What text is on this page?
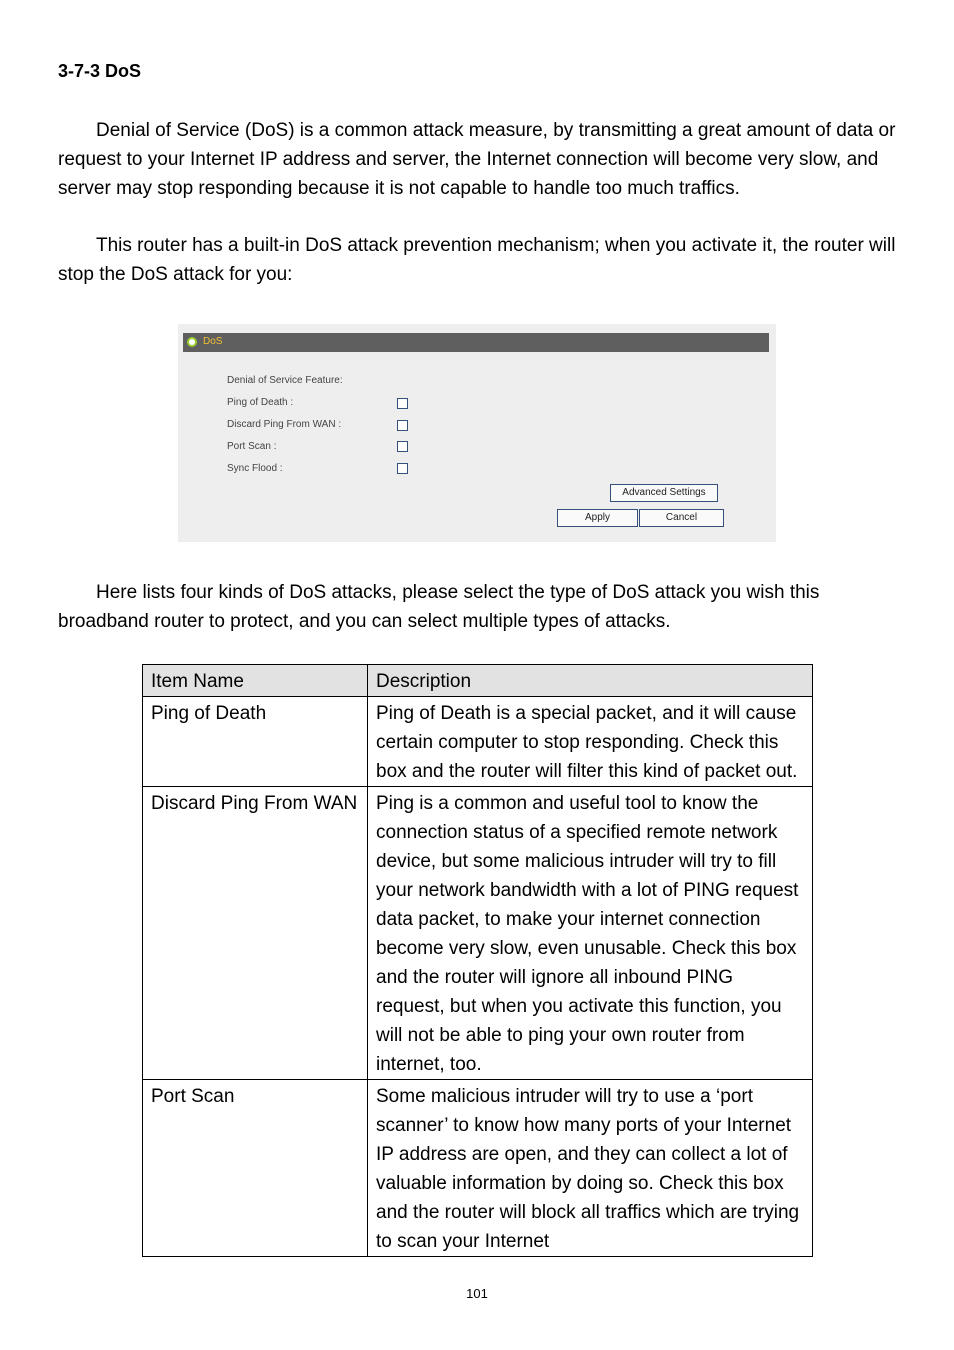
3-7-3 DoS

Denial of Service (DoS) is a common attack measure, by transmitting a great amount of data or request to your Internet IP address and server, the Internet connection will become very slow, and server may stop responding because it is not capable to handle too much traffics.

This router has a built-in DoS attack prevention mechanism; when you activate it, the router will stop the DoS attack for you:

DoS
Denial of Service Feature:
Ping of Death :
Discard Ping From WAN :
Port Scan :
Sync Flood :
Advanced Settings
Apply	Cancel

Here lists four kinds of DoS attacks, please select the type of DoS attack you wish this broadband router to protect, and you can select multiple types of attacks.

Item Name	Description
Ping of Death	Ping of Death is a special packet, and it will cause certain computer to stop responding. Check this box and the router will filter this kind of packet out.
Discard Ping From WAN	Ping is a common and useful tool to know the connection status of a specified remote network device, but some malicious intruder will try to fill your network bandwidth with a lot of PING request data packet, to make your internet connection become very slow, even unusable. Check this box and the router will ignore all inbound PING request, but when you activate this function, you will not be able to ping your own router from internet, too.
Port Scan	Some malicious intruder will try to use a ‘port scanner’ to know how many ports of your Internet IP address are open, and they can collect a lot of valuable information by doing so. Check this box and the router will block all traffics which are trying to scan your Internet
101
